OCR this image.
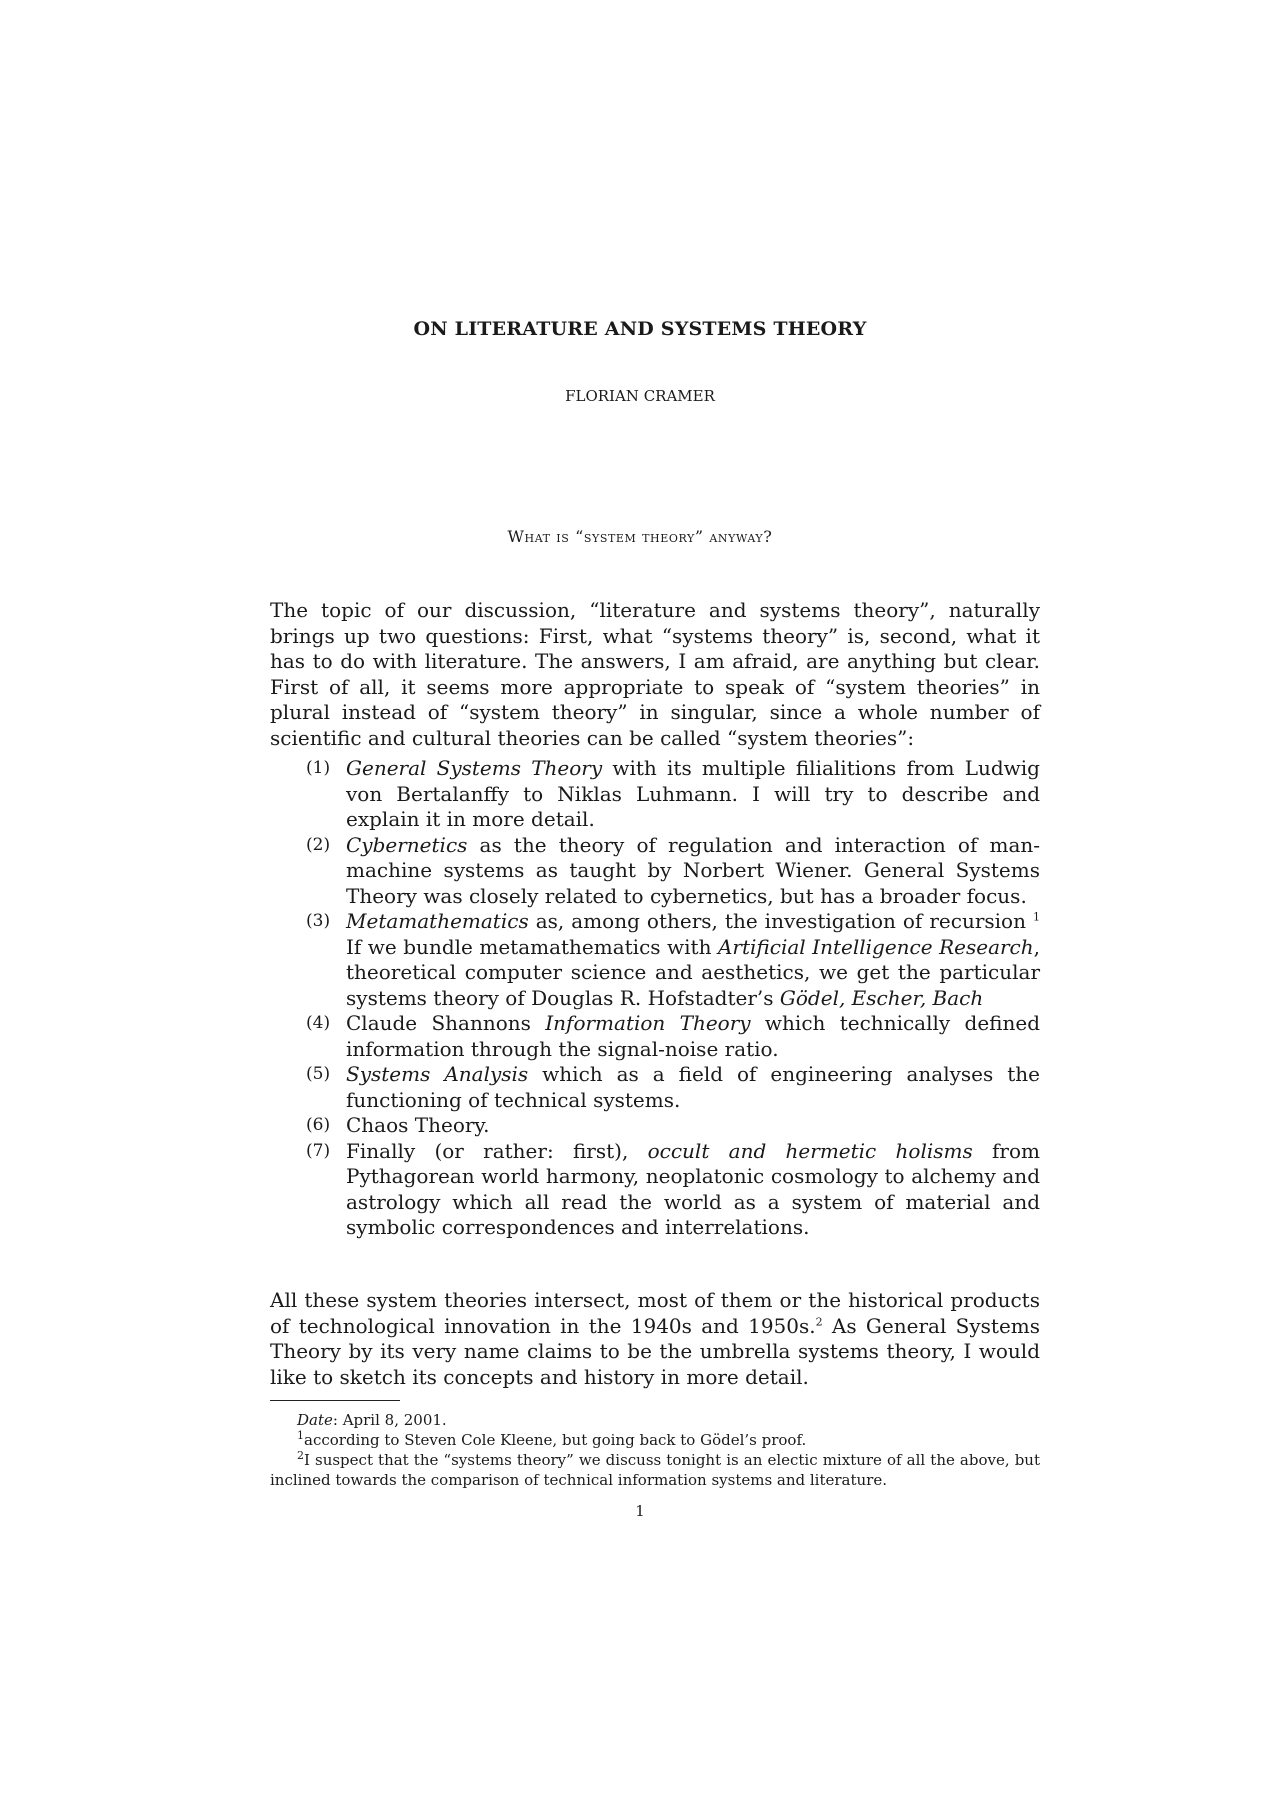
ON LITERATURE AND SYSTEMS THEORY
FLORIAN CRAMER
What is “system theory” anyway?

The topic of our discussion, “literature and systems theory”, naturally brings up two questions: First, what “systems theory” is, second, what it has to do with literature. The answers, I am afraid, are anything but clear. First of all, it seems more appropriate to speak of “system theories” in plural instead of “system theory” in singular, since a whole number of scientific and cultural theories can be called “system theories”:

(1) General Systems Theory with its multiple filialitions from Ludwig von Bertalanffy to Niklas Luhmann. I will try to describe and explain it in more detail.
(2) Cybernetics as the theory of regulation and interaction of man-machine systems as taught by Norbert Wiener. General Systems Theory was closely related to cybernetics, but has a broader focus.
(3) Metamathematics as, among others, the investigation of recursion $^1$ If we bundle metamathematics with Artificial Intelligence Research, theoretical computer science and aesthetics, we get the particular systems theory of Douglas R. Hofstadter’s Gödel, Escher, Bach
(4) Claude Shannons Information Theory which technically defined information through the signal-noise ratio.
(5) Systems Analysis which as a field of engineering analyses the functioning of technical systems.
(6) Chaos Theory.
(7) Finally (or rather: first), occult and hermetic holisms from Pythagorean world harmony, neoplatonic cosmology to alchemy and astrology which all read the world as a system of material and symbolic correspondences and interrelations.

All these system theories intersect, most of them or the historical products of technological innovation in the 1940s and 1950s.$^2$ As General Systems Theory by its very name claims to be the umbrella systems theory, I would like to sketch its concepts and history in more detail.

Date: April 8, 2001.

$^1$according to Steven Cole Kleene, but going back to Gödel’s proof.

$^2$I suspect that the “systems theory” we discuss tonight is an electic mixture of all the above, but inclined towards the comparison of technical information systems and literature.

1
